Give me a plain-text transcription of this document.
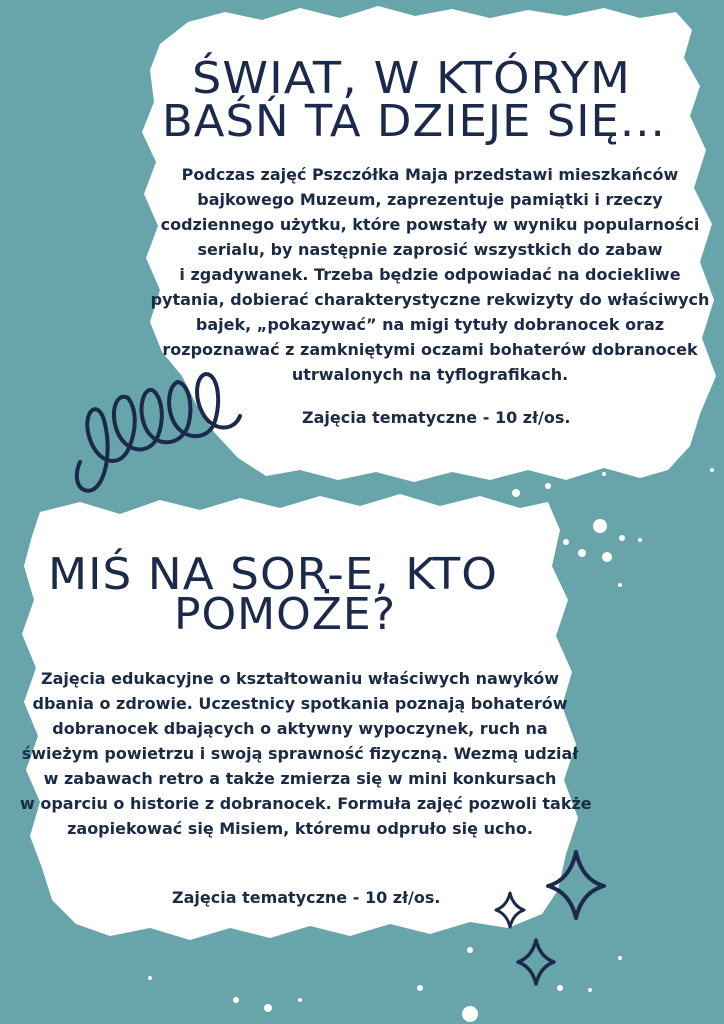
ŚWIAT, W KTÓRYM
BAŚŃ TA DZIEJE SIĘ...
Podczas zajęć Pszczółka Maja przedstawi mieszkańców
bajkowego Muzeum, zaprezentuje pamiątki i rzeczy
codziennego użytku, które powstały w wyniku popularności
serialu, by następnie zaprosić wszystkich do zabaw
i zgadywanek. Trzeba będzie odpowiadać na dociekliwe
pytania, dobierać charakterystyczne rekwizyty do właściwych
bajek, „pokazywać” na migi tytuły dobranocek oraz
rozpoznawać z zamkniętymi oczami bohaterów dobranocek
utrwalonych na tyflografikach.

Zajęcia tematyczne - 10 zł/os.

MIŚ NA SOR-E, KTO
POMOŻE?
Zajęcia edukacyjne o kształtowaniu właściwych nawyków
dbania o zdrowie. Uczestnicy spotkania poznają bohaterów
dobranocek dbających o aktywny wypoczynek, ruch na
świeżym powietrzu i swoją sprawność fizyczną. Wezmą udział
w zabawach retro a także zmierza się w mini konkursach
w oparciu o historie z dobranocek. Formuła zajęć pozwoli także
zaopiekować się Misiem, któremu odpruło się ucho.

Zajęcia tematyczne - 10 zł/os.
